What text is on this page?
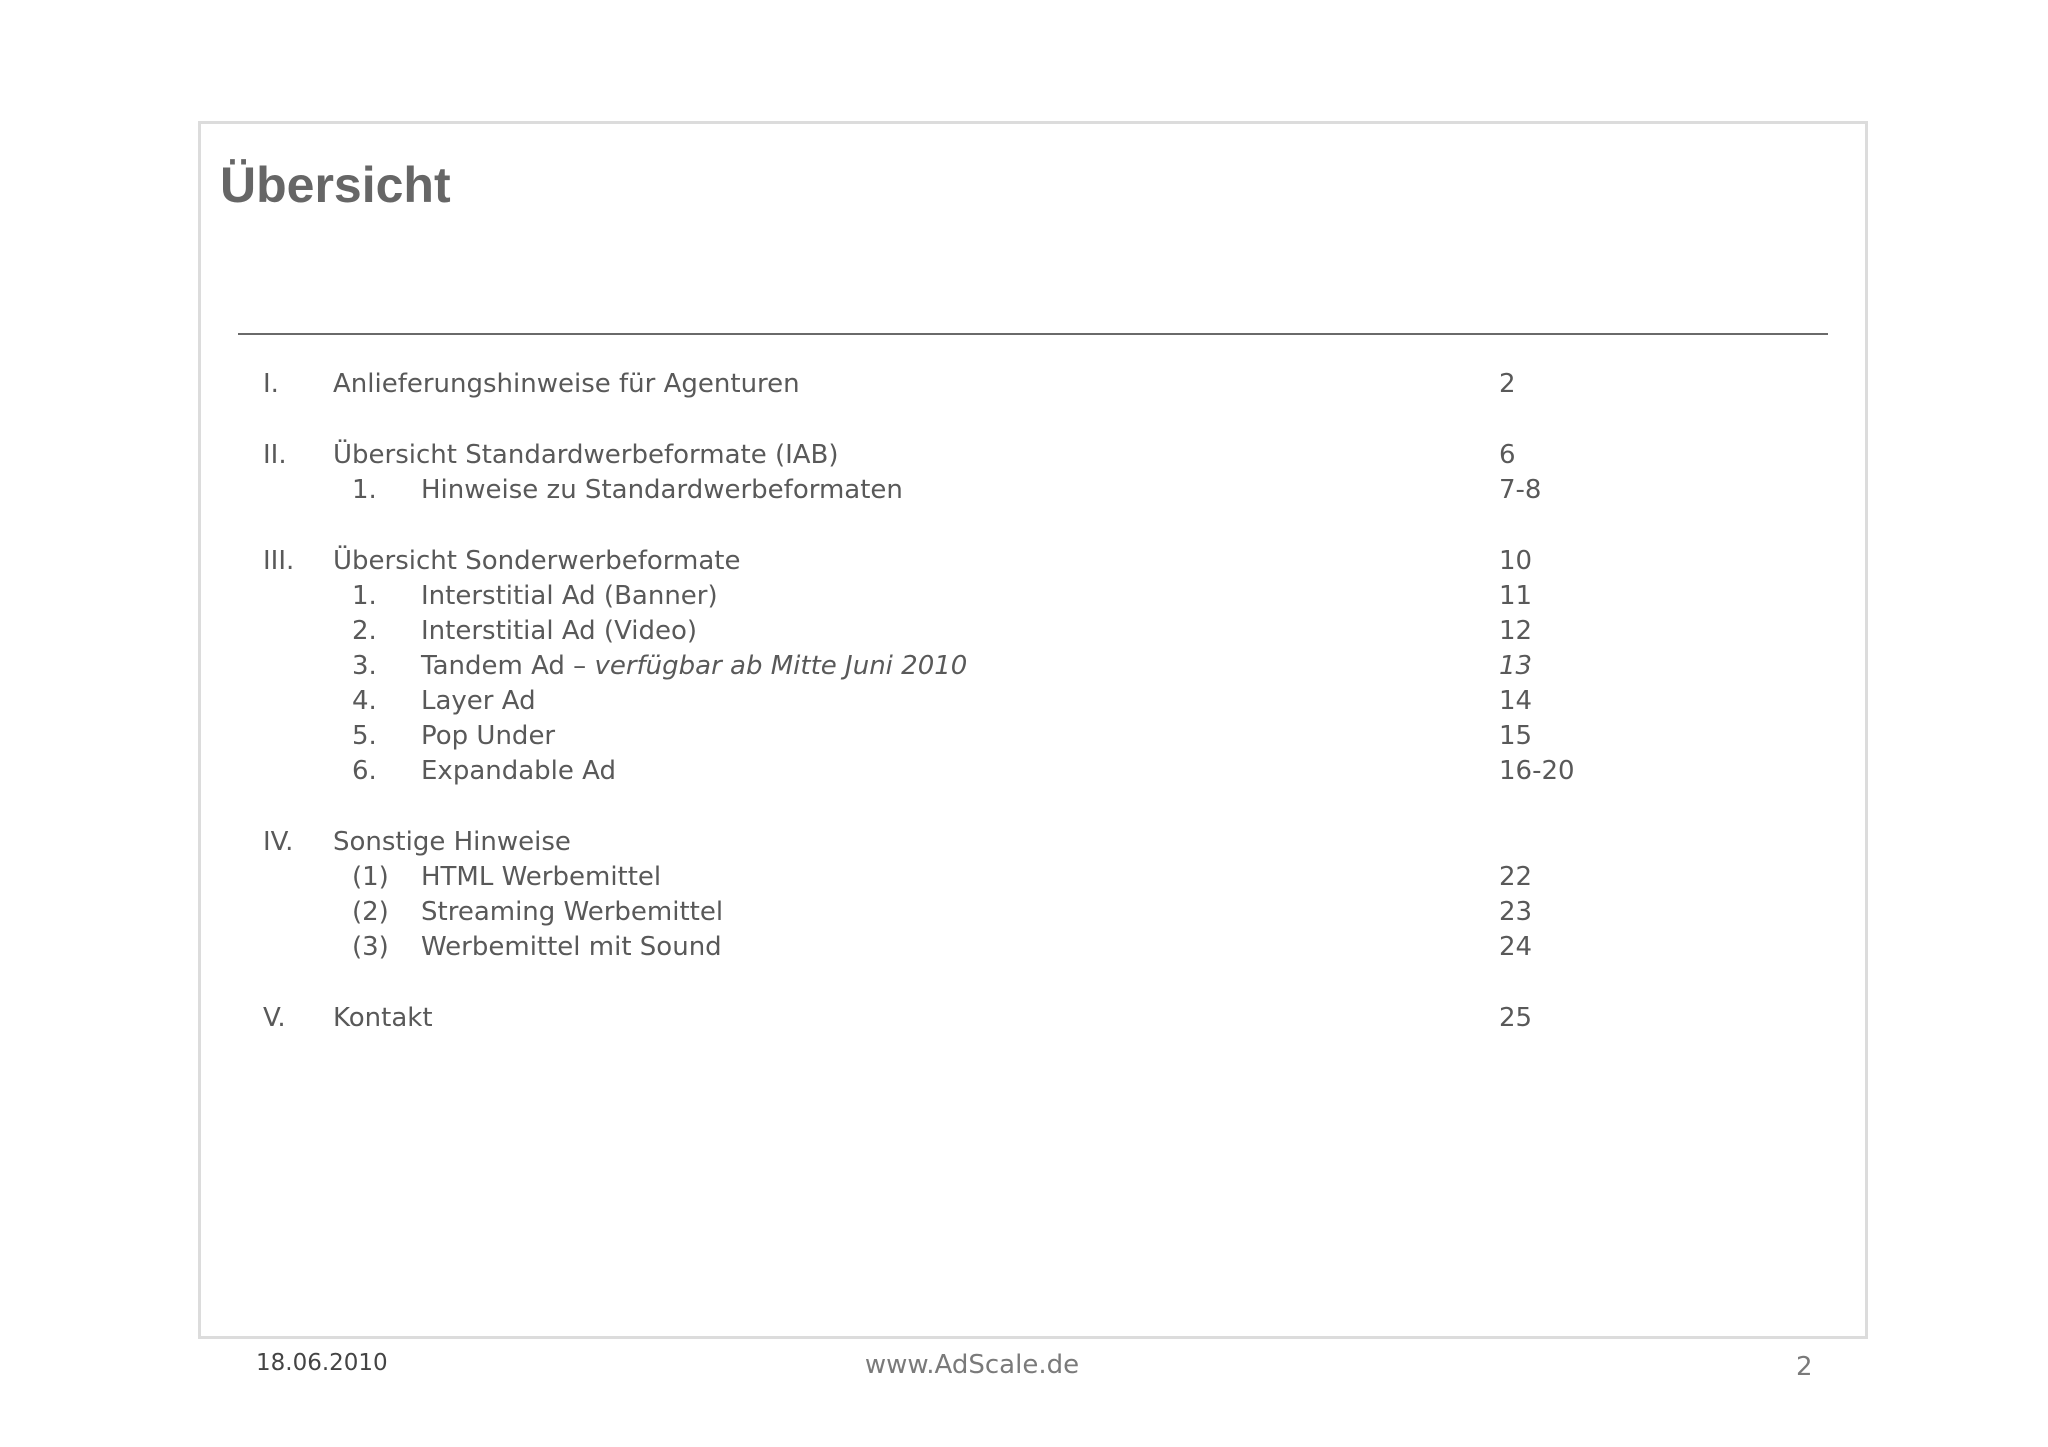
Übersicht
I. Anlieferungshinweise für Agenturen	2
II. Übersicht Standardwerbeformate (IAB)	6
1. Hinweise zu Standardwerbeformaten	7-8
III. Übersicht Sonderwerbeformate	10
1. Interstitial Ad (Banner)	11
2. Interstitial Ad (Video)	12
3. Tandem Ad – verfügbar ab Mitte Juni 2010	13
4. Layer Ad	14
5. Pop Under	15
6. Expandable Ad	16-20
IV. Sonstige Hinweise
(1) HTML Werbemittel	22
(2) Streaming Werbemittel	23
(3) Werbemittel mit Sound	24
V. Kontakt	25
18.06.2010	www.AdScale.de	2
